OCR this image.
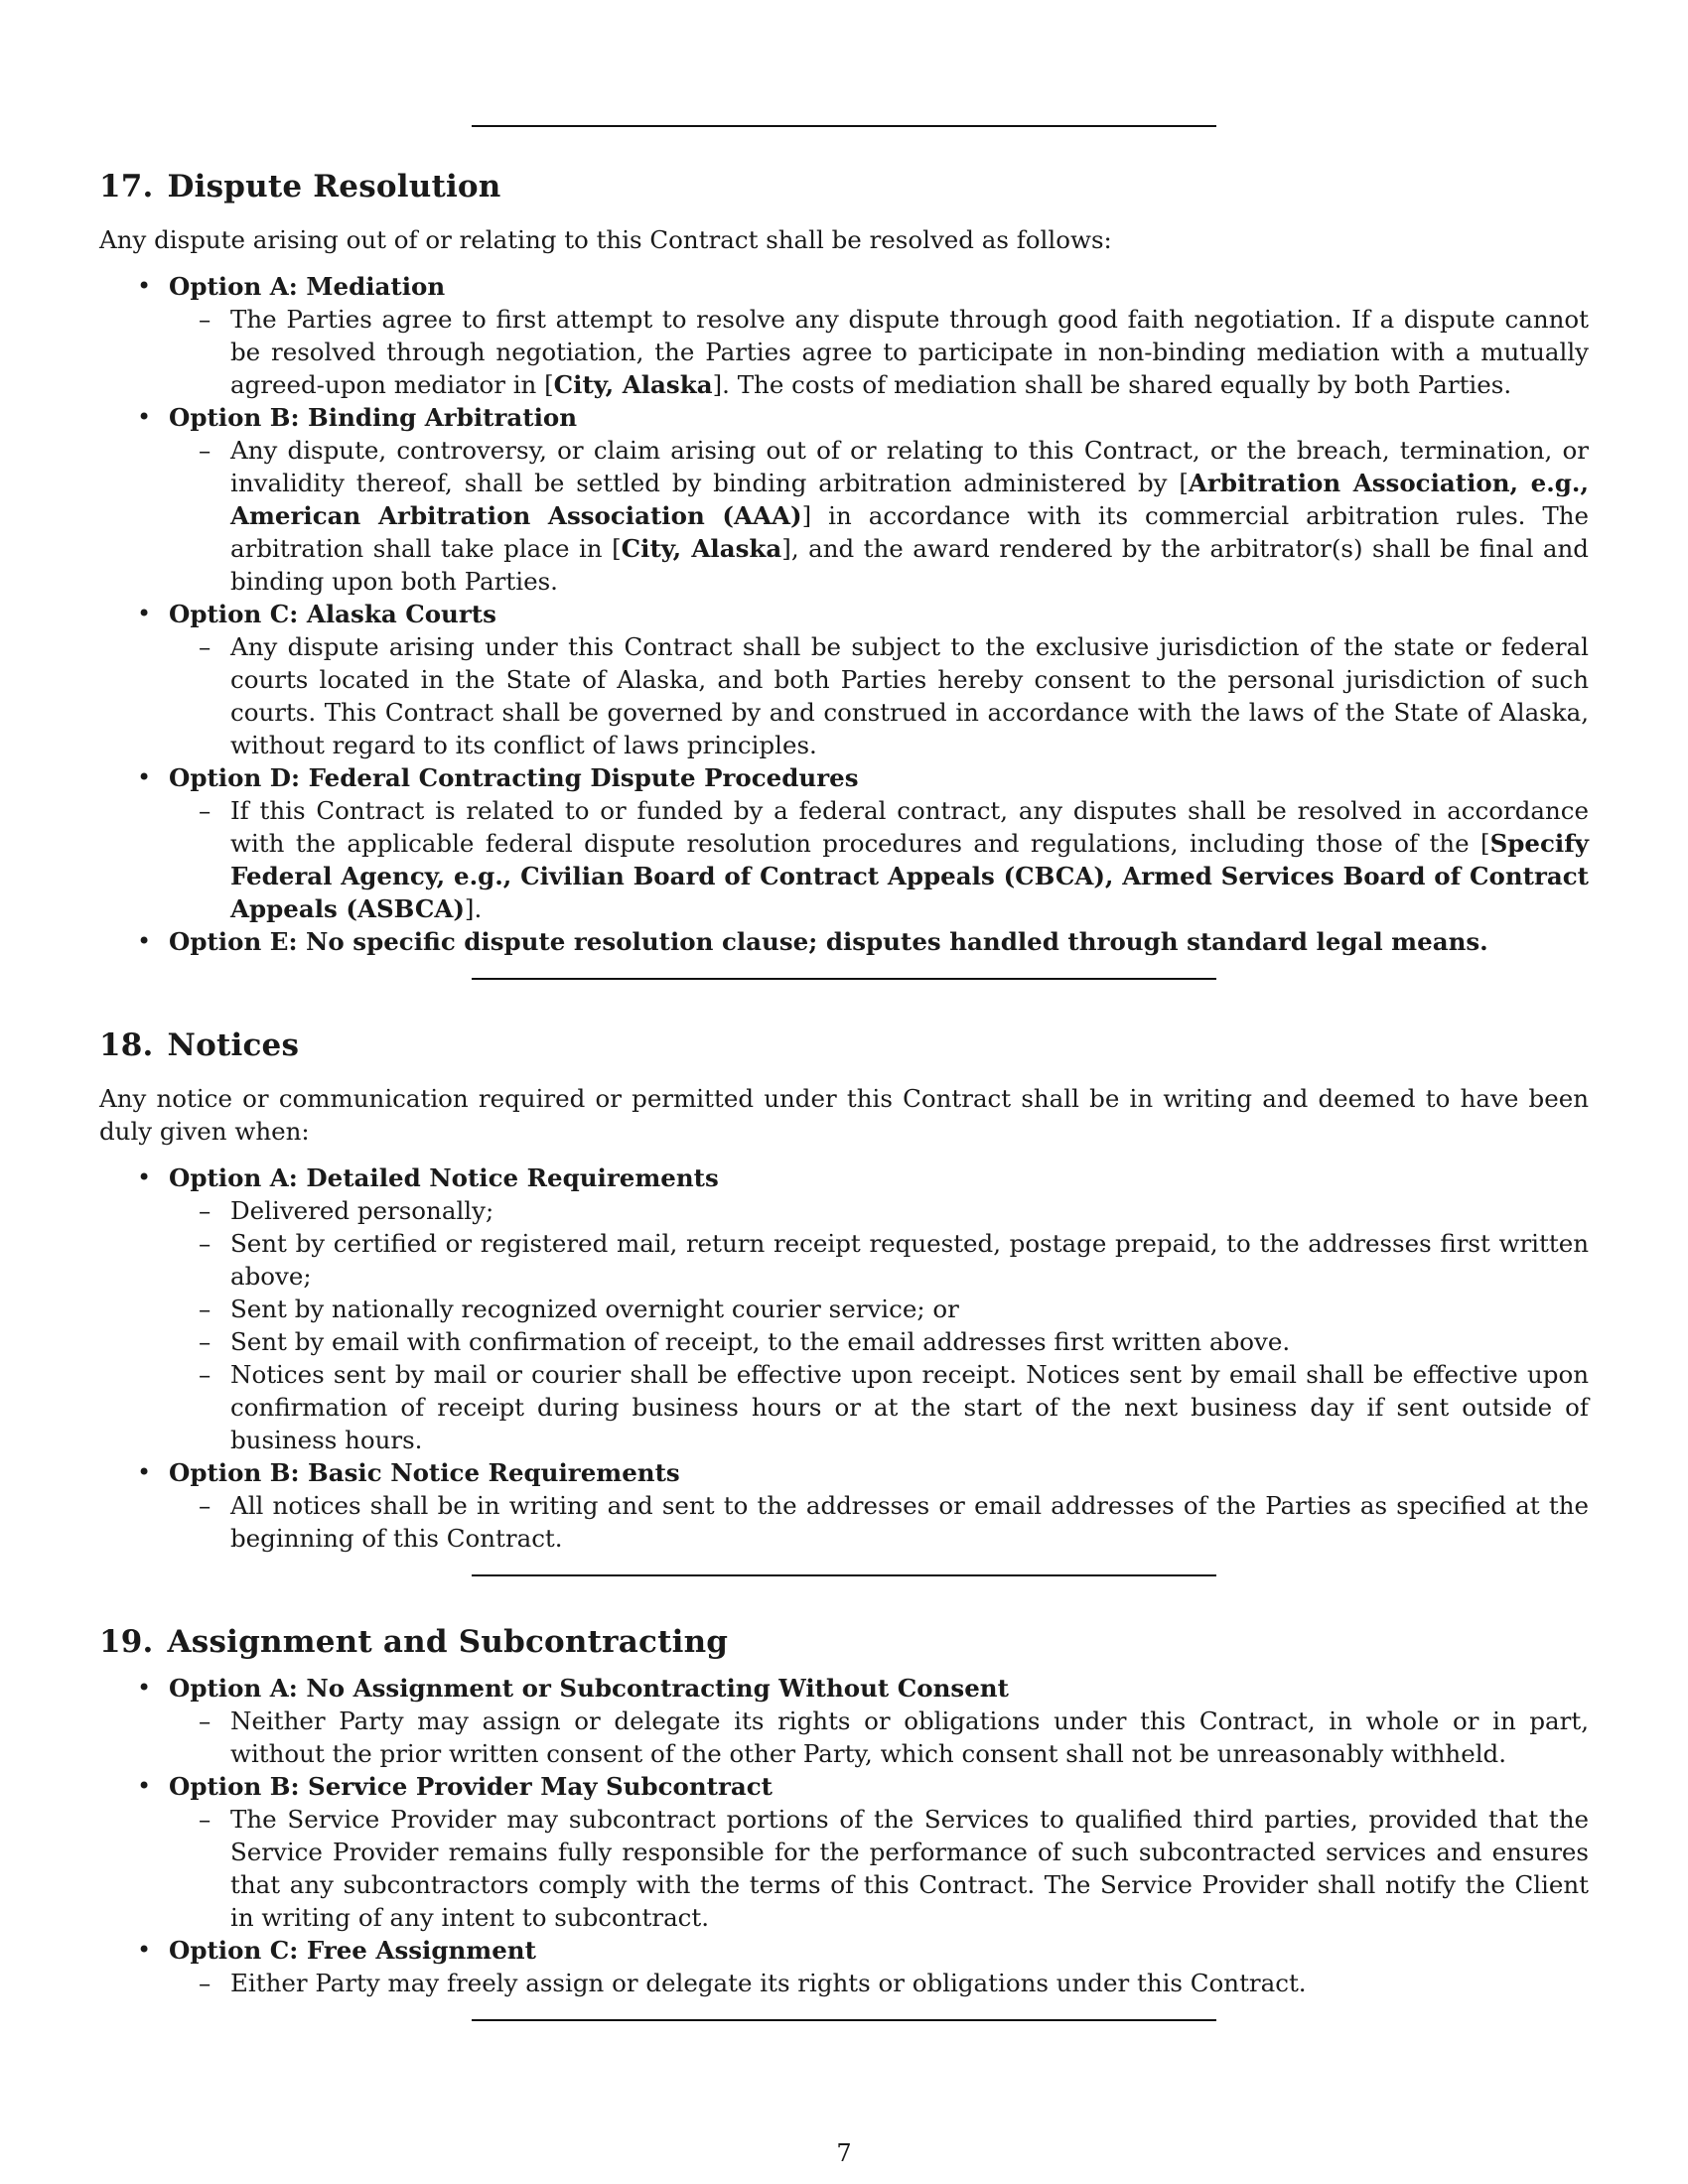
17. Dispute Resolution

Any dispute arising out of or relating to this Contract shall be resolved as follows:

• Option A: Mediation
– The Parties agree to first attempt to resolve any dispute through good faith negotiation. If a dispute cannot be resolved through negotiation, the Parties agree to participate in non-binding mediation with a mutually agreed-upon mediator in [City, Alaska]. The costs of mediation shall be shared equally by both Parties.
• Option B: Binding Arbitration
– Any dispute, controversy, or claim arising out of or relating to this Contract, or the breach, termination, or invalidity thereof, shall be settled by binding arbitration administered by [Arbitration Association, e.g., American Arbitration Association (AAA)] in accordance with its commercial arbitration rules. The arbitration shall take place in [City, Alaska], and the award rendered by the arbitrator(s) shall be final and binding upon both Parties.
• Option C: Alaska Courts
– Any dispute arising under this Contract shall be subject to the exclusive jurisdiction of the state or federal courts located in the State of Alaska, and both Parties hereby consent to the personal jurisdiction of such courts. This Contract shall be governed by and construed in accordance with the laws of the State of Alaska, without regard to its conflict of laws principles.
• Option D: Federal Contracting Dispute Procedures
– If this Contract is related to or funded by a federal contract, any disputes shall be resolved in accordance with the applicable federal dispute resolution procedures and regulations, including those of the [Specify Federal Agency, e.g., Civilian Board of Contract Appeals (CBCA), Armed Services Board of Contract Appeals (ASBCA)].
• Option E: No specific dispute resolution clause; disputes handled through standard legal means.
18. Notices

Any notice or communication required or permitted under this Contract shall be in writing and deemed to have been duly given when:

• Option A: Detailed Notice Requirements
– Delivered personally;
– Sent by certified or registered mail, return receipt requested, postage prepaid, to the addresses first written above;
– Sent by nationally recognized overnight courier service; or
– Sent by email with confirmation of receipt, to the email addresses first written above.
– Notices sent by mail or courier shall be effective upon receipt. Notices sent by email shall be effective upon confirmation of receipt during business hours or at the start of the next business day if sent outside of business hours.
• Option B: Basic Notice Requirements
– All notices shall be in writing and sent to the addresses or email addresses of the Parties as specified at the beginning of this Contract.
19. Assignment and Subcontracting
• Option A: No Assignment or Subcontracting Without Consent
– Neither Party may assign or delegate its rights or obligations under this Contract, in whole or in part, without the prior written consent of the other Party, which consent shall not be unreasonably withheld.
• Option B: Service Provider May Subcontract
– The Service Provider may subcontract portions of the Services to qualified third parties, provided that the Service Provider remains fully responsible for the performance of such subcontracted services and ensures that any subcontractors comply with the terms of this Contract. The Service Provider shall notify the Client in writing of any intent to subcontract.
• Option C: Free Assignment
– Either Party may freely assign or delegate its rights or obligations under this Contract.
7
